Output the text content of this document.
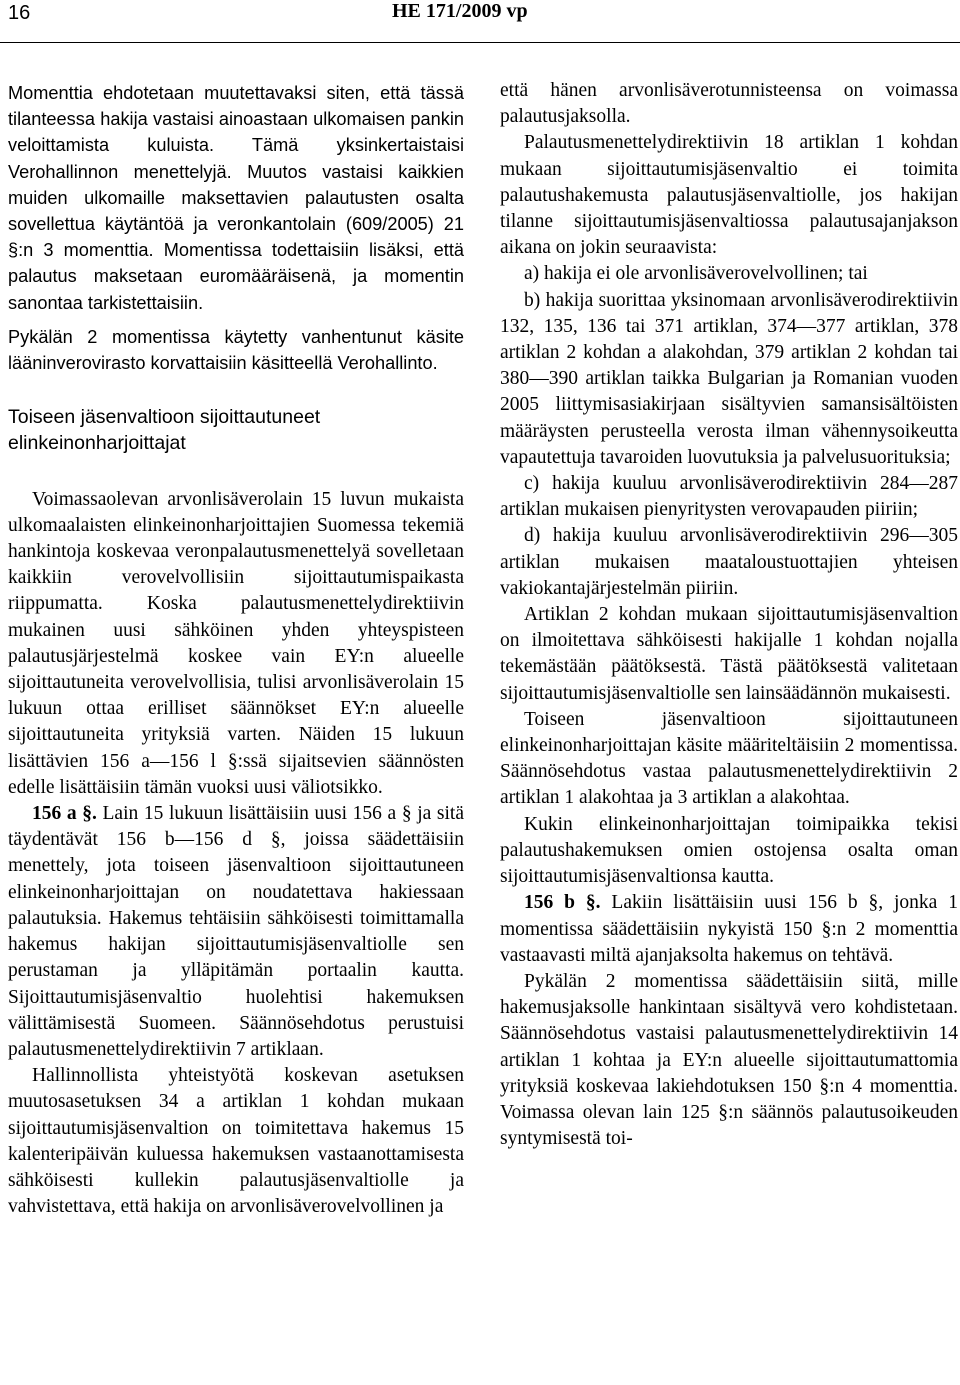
16	HE 171/2009 vp

Momenttia ehdotetaan muutettavaksi siten, että tässä tilanteessa hakija vastaisi ainoastaan ulkomaisen pankin veloittamista kuluista. Tämä yksinkertaistaisi Verohallinnon menettelyjä. Muutos vastaisi kaikkien muiden ulkomaille maksettavien palautusten osalta sovellettua käytäntöä ja veronkantolain (609/2005) 21 §:n 3 momenttia. Momentissa todettaisiin lisäksi, että palautus maksetaan euromääräisenä, ja momentin sanontaa tarkistettaisiin.

Pykälän 2 momentissa käytetty vanhentunut käsite lääninverovirasto korvattaisiin käsitteellä Verohallinto.

Toiseen jäsenvaltioon sijoittautuneet elinkeinonharjoittajat

Voimassaolevan arvonlisäverolain 15 luvun mukaista ulkomaalaisten elinkeinonharjoittajien Suomessa tekemiä hankintoja koskevaa veronpalautusmenettelyä sovelletaan kaikkiin verovelvollisiin sijoittautumispaikasta riippumatta. Koska palautusmenettelydirektiivin mukainen uusi sähköinen yhden yhteyspisteen palautusjärjestelmä koskee vain EY:n alueelle sijoittautuneita verovelvollisia, tulisi arvonlisäverolain 15 lukuun ottaa erilliset säännökset EY:n alueelle sijoittautuneita yrityksiä varten. Näiden 15 lukuun lisättävien 156 a—156 l §:ssä sijaitsevien säännösten edelle lisättäisiin tämän vuoksi uusi väliotsikko.

156 a §. Lain 15 lukuun lisättäisiin uusi 156 a § ja sitä täydentävät 156 b—156 d §, joissa säädettäisiin menettely, jota toiseen jäsenvaltioon sijoittautuneen elinkeinonharjoittajan on noudatettava hakiessaan palautuksia. Hakemus tehtäisiin sähköisesti toimittamalla hakemus hakijan sijoittautumisjäsenvaltiolle sen perustaman ja ylläpitämän portaalin kautta. Sijoittautumisjäsenvaltio huolehtisi hakemuksen välittämisestä Suomeen. Säännösehdotus perustuisi palautusmenettelydirektiivin 7 artiklaan.

Hallinnollista yhteistyötä koskevan asetuksen muutosasetuksen 34 a artiklan 1 kohdan mukaan sijoittautumisjäsenvaltion on toimitettava hakemus 15 kalenteripäivän kuluessa hakemuksen vastaanottamisesta sähköisesti kullekin palautusjäsenvaltiolle ja vahvistettava, että hakija on arvonlisäverovelvollinen ja

että hänen arvonlisäverotunnisteensa on voimassa palautusjaksolla.

Palautusmenettelydirektiivin 18 artiklan 1 kohdan mukaan sijoittautumisjäsenvaltio ei toimita palautushakemusta palautusjäsenvaltiolle, jos hakijan tilanne sijoittautumisjäsenvaltiossa palautusajanjakson aikana on jokin seuraavista:

a) hakija ei ole arvonlisäverovelvollinen; tai

b) hakija suorittaa yksinomaan arvonlisäverodirektiivin 132, 135, 136 tai 371 artiklan, 374—377 artiklan, 378 artiklan 2 kohdan a alakohdan, 379 artiklan 2 kohdan tai 380—390 artiklan taikka Bulgarian ja Romanian vuoden 2005 liittymisasiakirjaan sisältyvien samansisältöisten määräysten perusteella verosta ilman vähennysoikeutta vapautettuja tavaroiden luovutuksia ja palvelusuorituksia;

c) hakija kuuluu arvonlisäverodirektiivin 284—287 artiklan mukaisen pienyritysten verovapauden piiriin;

d) hakija kuuluu arvonlisäverodirektiivin 296—305 artiklan mukaisen maataloustuottajien yhteisen vakiokantajärjestelmän piiriin.

Artiklan 2 kohdan mukaan sijoittautumisjäsenvaltion on ilmoitettava sähköisesti hakijalle 1 kohdan nojalla tekemästään päätöksestä. Tästä päätöksestä valitetaan sijoittautumisjäsenvaltiolle sen lainsäädännön mukaisesti.

Toiseen jäsenvaltioon sijoittautuneen elinkeinonharjoittajan käsite määriteltäisiin 2 momentissa. Säännösehdotus vastaa palautusmenettelydirektiivin 2 artiklan 1 alakohtaa ja 3 artiklan a alakohtaa.

Kukin elinkeinonharjoittajan toimipaikka tekisi palautushakemuksen omien ostojensa osalta oman sijoittautumisjäsenvaltionsa kautta.

156 b §. Lakiin lisättäisiin uusi 156 b §, jonka 1 momentissa säädettäisiin nykyistä 150 §:n 2 momenttia vastaavasti miltä ajanjaksolta hakemus on tehtävä.

Pykälän 2 momentissa säädettäisiin siitä, mille hakemusjaksolle hankintaan sisältyvä vero kohdistetaan. Säännösehdotus vastaisi palautusmenettelydirektiivin 14 artiklan 1 kohtaa ja EY:n alueelle sijoittautumattomia yrityksiä koskevaa lakiehdotuksen 150 §:n 4 momenttia. Voimassa olevan lain 125 §:n säännös palautusoikeuden syntymisestä toi-
